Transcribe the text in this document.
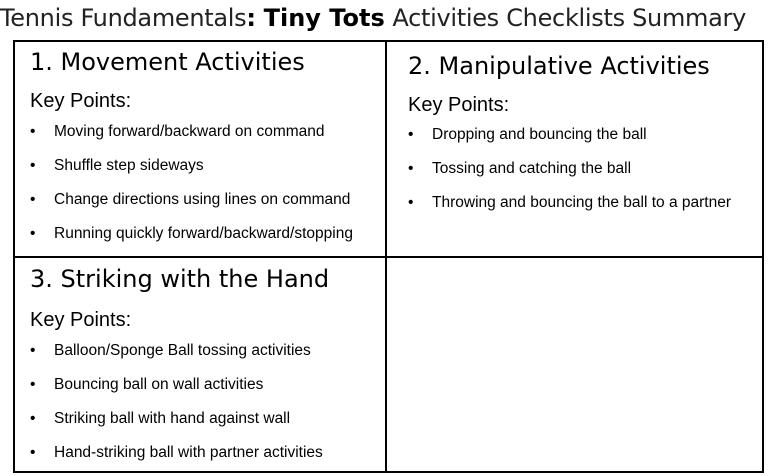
Tennis Fundamentals: Tiny Tots Activities Checklists Summary
1. Movement Activities

Key Points:

• Moving forward/backward on command
• Shuffle step sideways
• Change directions using lines on command
• Running quickly forward/backward/stopping
2. Manipulative Activities

Key Points:

• Dropping and bouncing the ball
• Tossing and catching the ball
• Throwing and bouncing the ball to a partner
3. Striking with the Hand

Key Points:

• Balloon/Sponge Ball tossing activities
• Bouncing ball on wall activities
• Striking ball with hand against wall
• Hand-striking ball with partner activities
